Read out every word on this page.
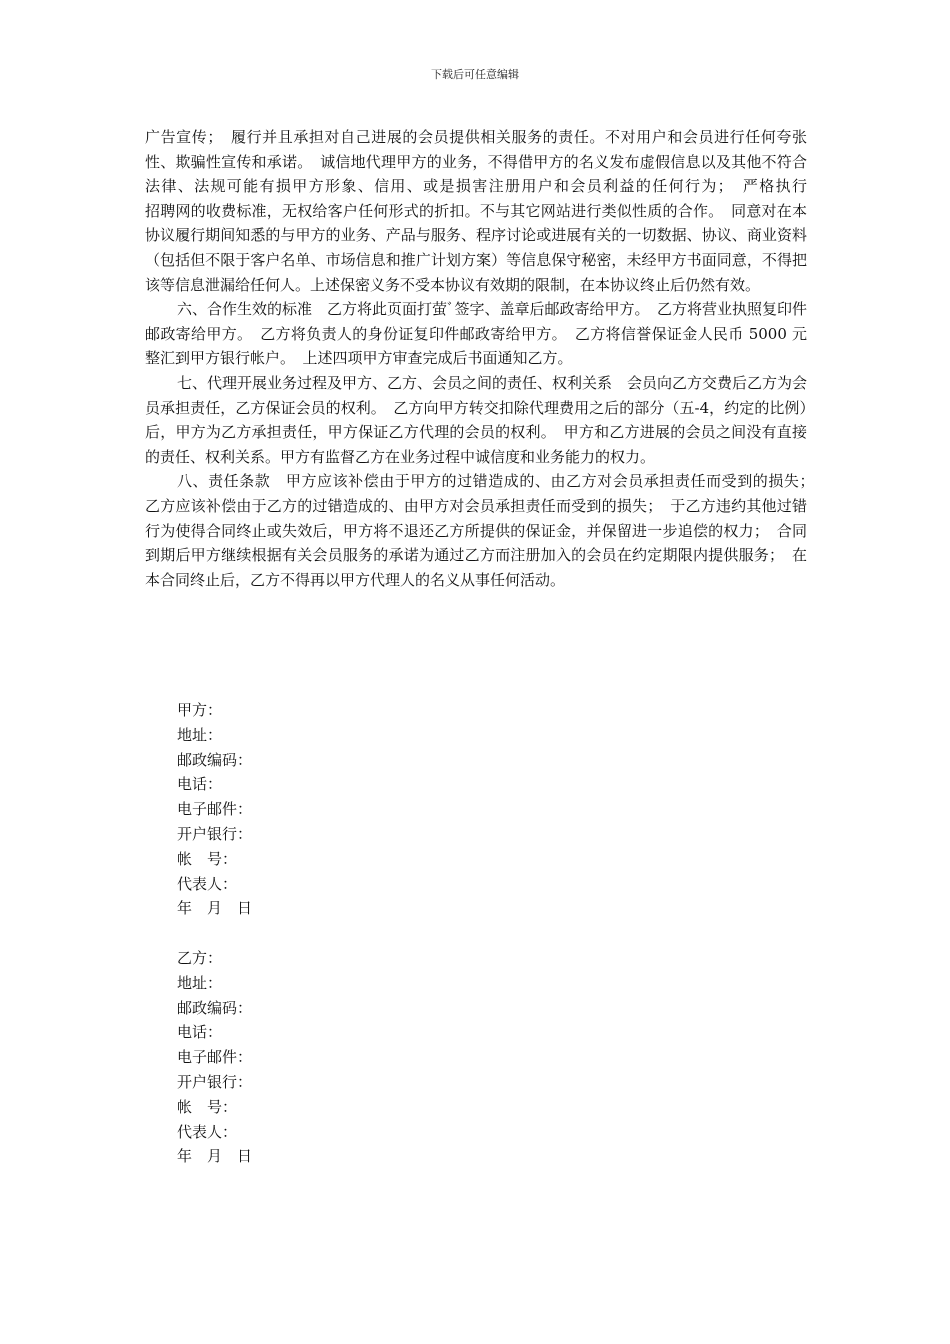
下载后可任意编辑

广告宣传；　履行并且承担对自己进展的会员提供相关服务的责任。不对用户和会员进行任何夸张性、欺骗性宣传和承诺。　诚信地代理甲方的业务，不得借甲方的名义发布虚假信息以及其他不符合法律、法规可能有损甲方形象、信用、或是损害注册用户和会员利益的任何行为；　严格执行　　　招聘网的收费标准，无权给客户任何形式的折扣。不与其它网站进行类似性质的合作。　同意对在本协议履行期间知悉的与甲方的业务、产品与服务、程序讨论或进展有关的一切数据、协议、商业资料（包括但不限于客户名单、市场信息和推广计划方案）等信息保守秘密，未经甲方书面同意，不得把该等信息泄漏给任何人。上述保密义务不受本协议有效期的限制，在本协议终止后仍然有效。

六、合作生效的标准　乙方将此页面打萤ﾞ签字、盖章后邮政寄给甲方。　乙方将营业执照复印件邮政寄给甲方。　乙方将负责人的身份证复印件邮政寄给甲方。　乙方将信誉保证金人民币 5000 元整汇到甲方银行帐户。　上述四项甲方审查完成后书面通知乙方。

七、代理开展业务过程及甲方、乙方、会员之间的责任、权利关系　会员向乙方交费后乙方为会员承担责任，乙方保证会员的权利。　乙方向甲方转交扣除代理费用之后的部分（五-4，约定的比例）后，甲方为乙方承担责任，甲方保证乙方代理的会员的权利。　甲方和乙方进展的会员之间没有直接的责任、权利关系。甲方有监督乙方在业务过程中诚信度和业务能力的权力。

八、责任条款　甲方应该补偿由于甲方的过错造成的、由乙方对会员承担责任而受到的损失；　乙方应该补偿由于乙方的过错造成的、由甲方对会员承担责任而受到的损失；　于乙方违约其他过错行为使得合同终止或失效后，甲方将不退还乙方所提供的保证金，并保留进一步追偿的权力；　合同到期后甲方继续根据有关会员服务的承诺为通过乙方而注册加入的会员在约定期限内提供服务；　在本合同终止后，乙方不得再以甲方代理人的名义从事任何活动。

甲方：
地址：
邮政编码：
电话：
电子邮件：
开户银行：
帐　号：
代表人：
年　月　日
乙方：
地址：
邮政编码：
电话：
电子邮件：
开户银行：
帐　号：
代表人：
年　月　日
